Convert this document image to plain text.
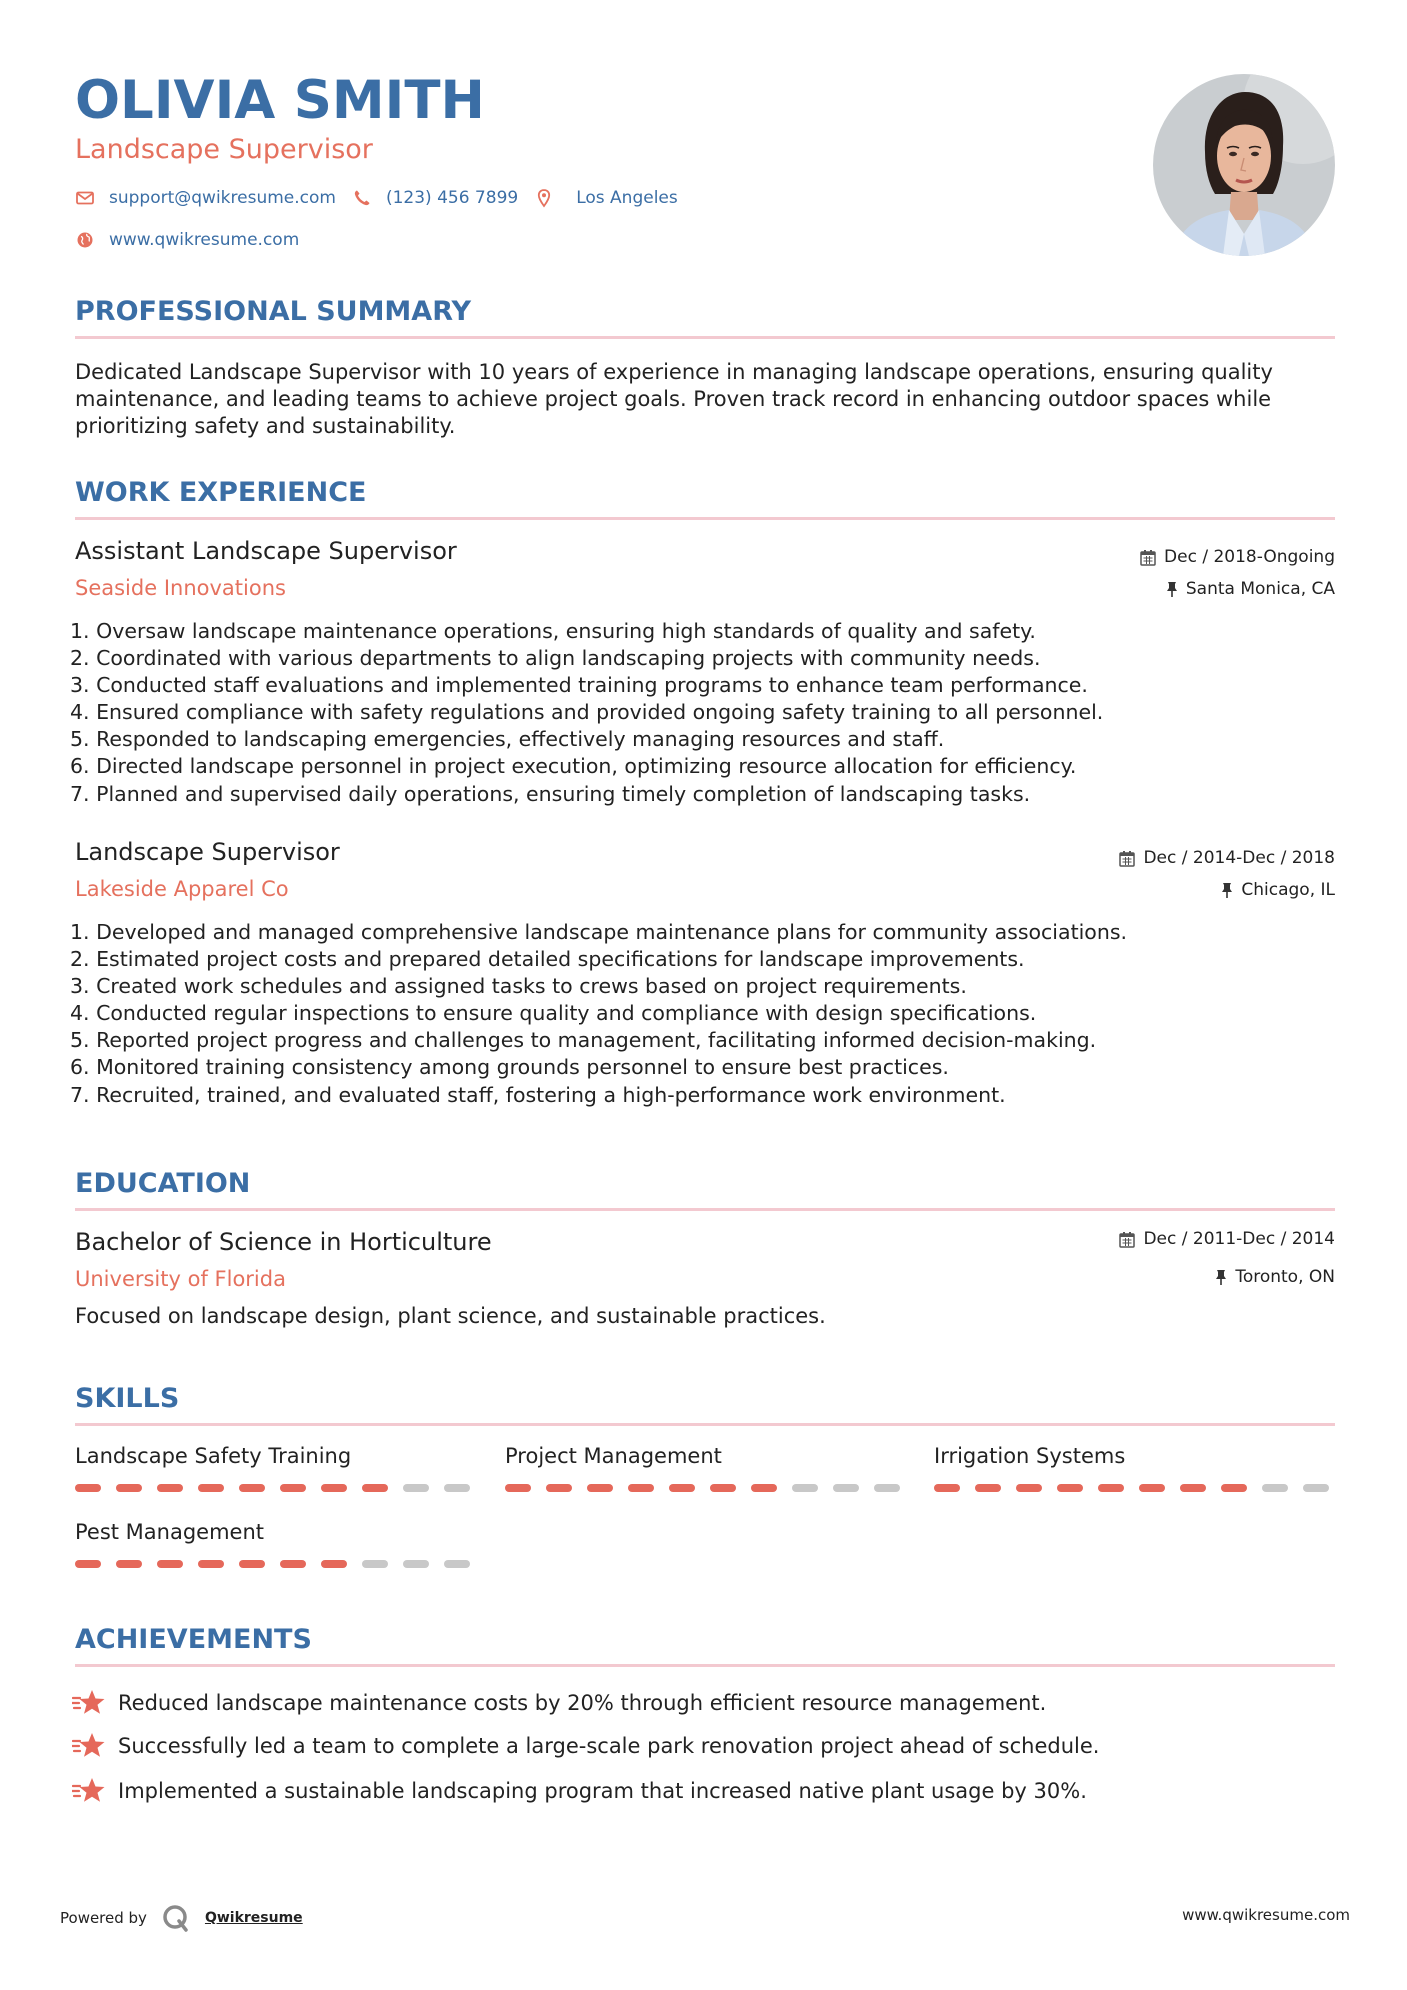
OLIVIA SMITH
Landscape Supervisor
support@qwikresume.com	(123) 456 7899	Los Angeles
www.qwikresume.com
PROFESSIONAL SUMMARY
Dedicated Landscape Supervisor with 10 years of experience in managing landscape operations, ensuring quality
maintenance, and leading teams to achieve project goals. Proven track record in enhancing outdoor spaces while
prioritizing safety and sustainability.
WORK EXPERIENCE
Assistant Landscape Supervisor
Seaside Innovations
Dec / 2018-Ongoing
Santa Monica, CA
1. Oversaw landscape maintenance operations, ensuring high standards of quality and safety.
2. Coordinated with various departments to align landscaping projects with community needs.
3. Conducted staff evaluations and implemented training programs to enhance team performance.
4. Ensured compliance with safety regulations and provided ongoing safety training to all personnel.
5. Responded to landscaping emergencies, effectively managing resources and staff.
6. Directed landscape personnel in project execution, optimizing resource allocation for efficiency.
7. Planned and supervised daily operations, ensuring timely completion of landscaping tasks.
Landscape Supervisor
Lakeside Apparel Co
Dec / 2014-Dec / 2018
Chicago, IL
1. Developed and managed comprehensive landscape maintenance plans for community associations.
2. Estimated project costs and prepared detailed specifications for landscape improvements.
3. Created work schedules and assigned tasks to crews based on project requirements.
4. Conducted regular inspections to ensure quality and compliance with design specifications.
5. Reported project progress and challenges to management, facilitating informed decision-making.
6. Monitored training consistency among grounds personnel to ensure best practices.
7. Recruited, trained, and evaluated staff, fostering a high-performance work environment.
EDUCATION
Bachelor of Science in Horticulture
University of Florida
Dec / 2011-Dec / 2014
Toronto, ON
Focused on landscape design, plant science, and sustainable practices.
SKILLS
Landscape Safety Training	Project Management	Irrigation Systems
Pest Management
ACHIEVEMENTS
Reduced landscape maintenance costs by 20% through efficient resource management.
Successfully led a team to complete a large-scale park renovation project ahead of schedule.
Implemented a sustainable landscaping program that increased native plant usage by 30%.
Powered by	Qwikresume	www.qwikresume.com
